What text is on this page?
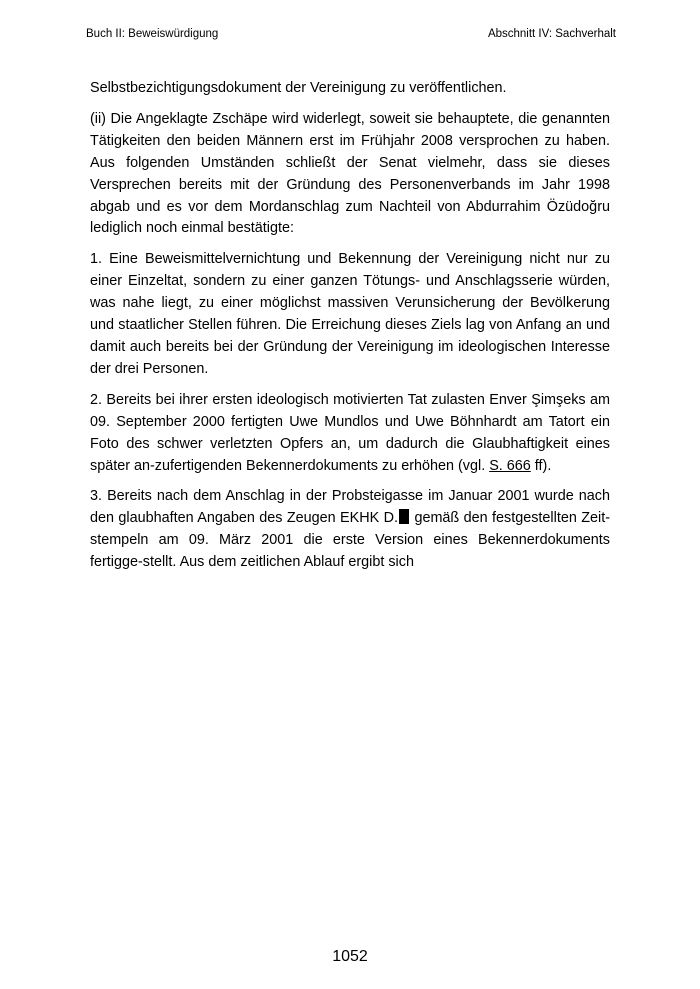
Buch II: Beweiswürdigung	Abschnitt IV: Sachverhalt

Selbstbezichtigungsdokument der Vereinigung zu veröffentlichen.

(ii) Die Angeklagte Zschäpe wird widerlegt, soweit sie behauptete, die genannten Tätigkeiten den beiden Männern erst im Frühjahr 2008 versprochen zu haben. Aus folgenden Umständen schließt der Senat vielmehr, dass sie dieses Versprechen bereits mit der Gründung des Personenverbands im Jahr 1998 abgab und es vor dem Mordanschlag zum Nachteil von Abdurrahim Özüdoğru lediglich noch einmal bestätigte:

1. Eine Beweismittelvernichtung und Bekennung der Vereinigung nicht nur zu einer Einzeltat, sondern zu einer ganzen Tötungs- und Anschlagsserie würden, was nahe liegt, zu einer möglichst massiven Verunsicherung der Bevölkerung und staatlicher Stellen führen. Die Erreichung dieses Ziels lag von Anfang an und damit auch bereits bei der Gründung der Vereinigung im ideologischen Interesse der drei Personen.

2. Bereits bei ihrer ersten ideologisch motivierten Tat zulasten Enver Şimşeks am 09. September 2000 fertigten Uwe Mundlos und Uwe Böhnhardt am Tatort ein Foto des schwer verletzten Opfers an, um dadurch die Glaubhaftigkeit eines später an-zufertigenden Bekennerdokuments zu erhöhen (vgl. S. 666 ff).

3. Bereits nach dem Anschlag in der Probsteigasse im Januar 2001 wurde nach den glaubhaften Angaben des Zeugen EKHK D. gemäß den festgestellten Zeit-stempeln am 09. März 2001 die erste Version eines Bekennerdokuments fertigge-stellt. Aus dem zeitlichen Ablauf ergibt sich

1052
